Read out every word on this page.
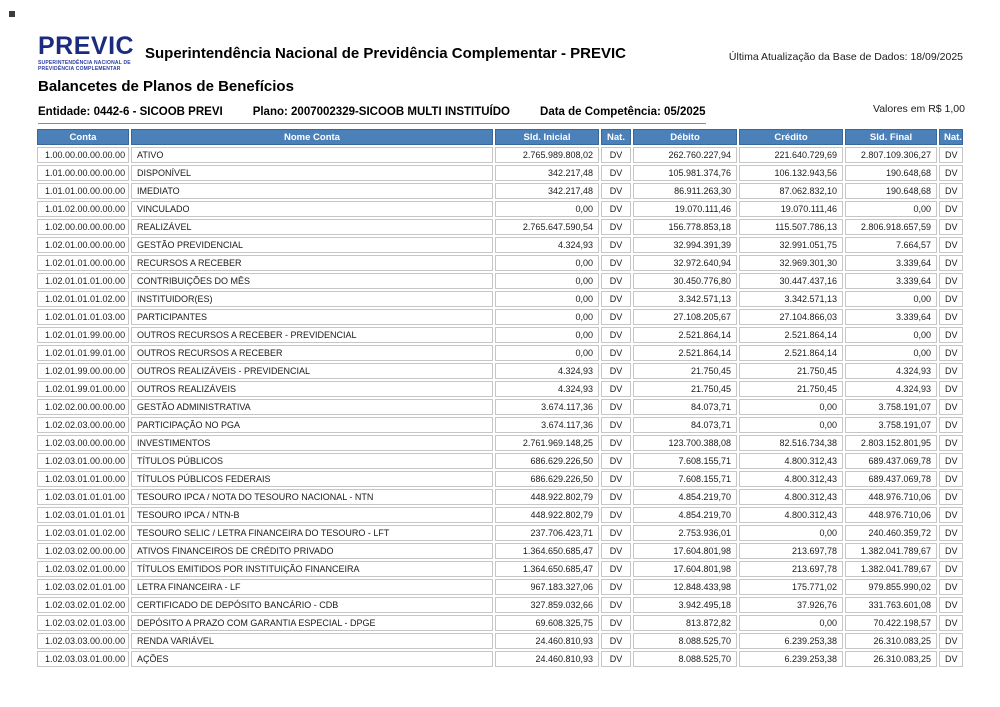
PREVIC
SUPERINTENDÊNCIA NACIONAL DE
PREVIDÊNCIA COMPLEMENTAR
Superintendência Nacional de Previdência Complementar - PREVIC	Última Atualização da Base de Dados: 18/09/2025
Balancetes de Planos de Benefícios
Entidade: 0442-6 - SICOOB PREVI	Plano: 2007002329-SICOOB MULTI INSTITUÍDO	Data de Competência: 05/2025	Valores em R$ 1,00
Conta	Nome Conta	Sld. Inicial	Nat.	Débito	Crédito	Sld. Final	Nat.
1.00.00.00.00.00.00	ATIVO	2.765.989.808,02	DV	262.760.227,94	221.640.729,69	2.807.109.306,27	DV
1.01.00.00.00.00.00	DISPONÍVEL	342.217,48	DV	105.981.374,76	106.132.943,56	190.648,68	DV
1.01.01.00.00.00.00	IMEDIATO	342.217,48	DV	86.911.263,30	87.062.832,10	190.648,68	DV
1.01.02.00.00.00.00	VINCULADO	0,00	DV	19.070.111,46	19.070.111,46	0,00	DV
1.02.00.00.00.00.00	REALIZÁVEL	2.765.647.590,54	DV	156.778.853,18	115.507.786,13	2.806.918.657,59	DV
1.02.01.00.00.00.00	GESTÃO PREVIDENCIAL	4.324,93	DV	32.994.391,39	32.991.051,75	7.664,57	DV
1.02.01.01.00.00.00	RECURSOS A RECEBER	0,00	DV	32.972.640,94	32.969.301,30	3.339,64	DV
1.02.01.01.01.00.00	CONTRIBUIÇÕES DO MÊS	0,00	DV	30.450.776,80	30.447.437,16	3.339,64	DV
1.02.01.01.01.02.00	INSTITUIDOR(ES)	0,00	DV	3.342.571,13	3.342.571,13	0,00	DV
1.02.01.01.01.03.00	PARTICIPANTES	0,00	DV	27.108.205,67	27.104.866,03	3.339,64	DV
1.02.01.01.99.00.00	OUTROS RECURSOS A RECEBER - PREVIDENCIAL	0,00	DV	2.521.864,14	2.521.864,14	0,00	DV
1.02.01.01.99.01.00	OUTROS RECURSOS A RECEBER	0,00	DV	2.521.864,14	2.521.864,14	0,00	DV
1.02.01.99.00.00.00	OUTROS REALIZÁVEIS - PREVIDENCIAL	4.324,93	DV	21.750,45	21.750,45	4.324,93	DV
1.02.01.99.01.00.00	OUTROS REALIZÁVEIS	4.324,93	DV	21.750,45	21.750,45	4.324,93	DV
1.02.02.00.00.00.00	GESTÃO ADMINISTRATIVA	3.674.117,36	DV	84.073,71	0,00	3.758.191,07	DV
1.02.02.03.00.00.00	PARTICIPAÇÃO NO PGA	3.674.117,36	DV	84.073,71	0,00	3.758.191,07	DV
1.02.03.00.00.00.00	INVESTIMENTOS	2.761.969.148,25	DV	123.700.388,08	82.516.734,38	2.803.152.801,95	DV
1.02.03.01.00.00.00	TÍTULOS PÚBLICOS	686.629.226,50	DV	7.608.155,71	4.800.312,43	689.437.069,78	DV
1.02.03.01.01.00.00	TÍTULOS PÚBLICOS FEDERAIS	686.629.226,50	DV	7.608.155,71	4.800.312,43	689.437.069,78	DV
1.02.03.01.01.01.00	TESOURO IPCA / NOTA DO TESOURO NACIONAL - NTN	448.922.802,79	DV	4.854.219,70	4.800.312,43	448.976.710,06	DV
1.02.03.01.01.01.01	TESOURO IPCA / NTN-B	448.922.802,79	DV	4.854.219,70	4.800.312,43	448.976.710,06	DV
1.02.03.01.01.02.00	TESOURO SELIC / LETRA FINANCEIRA DO TESOURO - LFT	237.706.423,71	DV	2.753.936,01	0,00	240.460.359,72	DV
1.02.03.02.00.00.00	ATIVOS FINANCEIROS DE CRÉDITO PRIVADO	1.364.650.685,47	DV	17.604.801,98	213.697,78	1.382.041.789,67	DV
1.02.03.02.01.00.00	TÍTULOS EMITIDOS POR INSTITUIÇÃO FINANCEIRA	1.364.650.685,47	DV	17.604.801,98	213.697,78	1.382.041.789,67	DV
1.02.03.02.01.01.00	LETRA FINANCEIRA - LF	967.183.327,06	DV	12.848.433,98	175.771,02	979.855.990,02	DV
1.02.03.02.01.02.00	CERTIFICADO DE DEPÓSITO BANCÁRIO - CDB	327.859.032,66	DV	3.942.495,18	37.926,76	331.763.601,08	DV
1.02.03.02.01.03.00	DEPÓSITO A PRAZO COM GARANTIA ESPECIAL - DPGE	69.608.325,75	DV	813.872,82	0,00	70.422.198,57	DV
1.02.03.03.00.00.00	RENDA VARIÁVEL	24.460.810,93	DV	8.088.525,70	6.239.253,38	26.310.083,25	DV
1.02.03.03.01.00.00	AÇÕES	24.460.810,93	DV	8.088.525,70	6.239.253,38	26.310.083,25	DV
